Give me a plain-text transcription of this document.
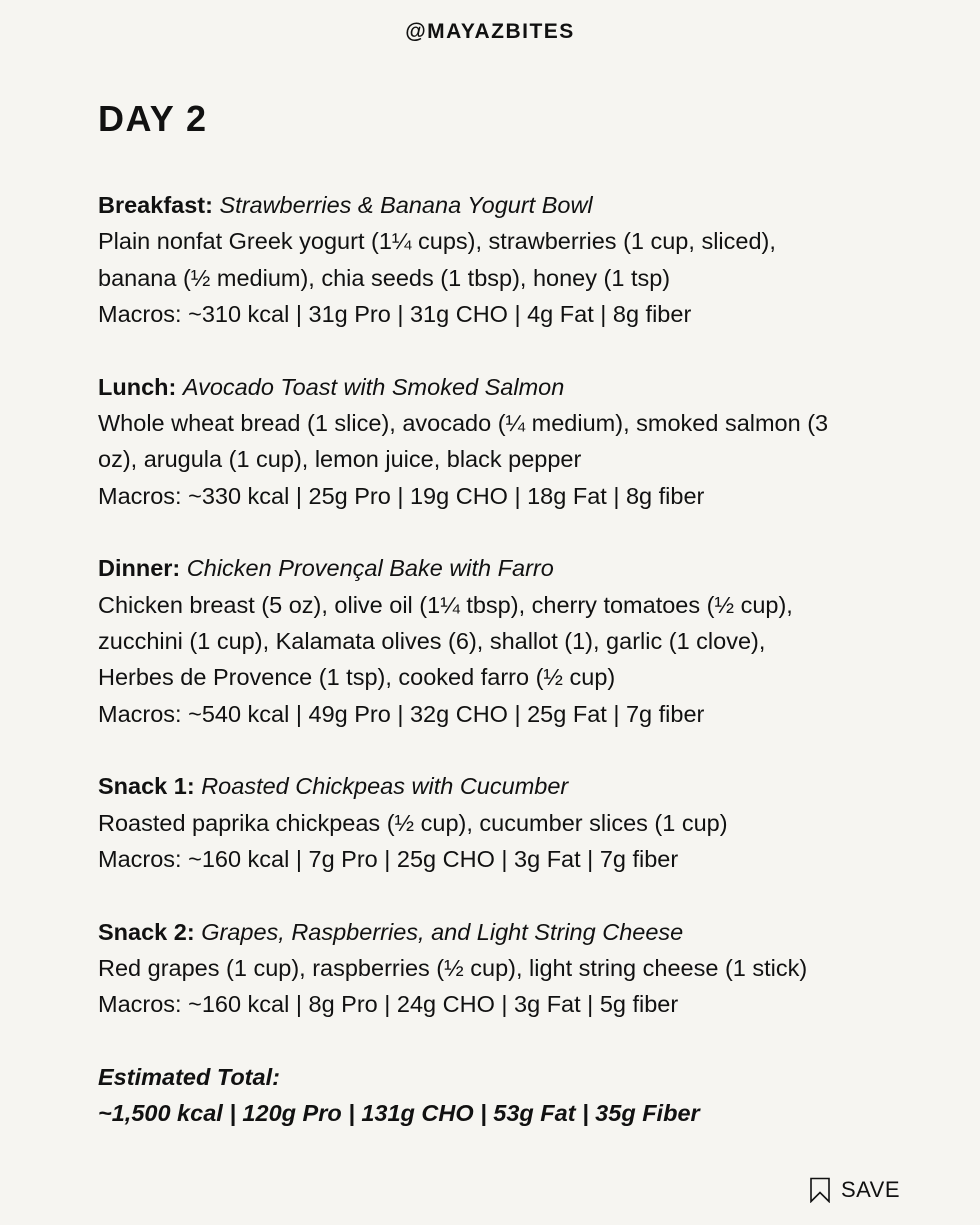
@MAYAZBITES
DAY 2
Breakfast: Strawberries & Banana Yogurt Bowl
Plain nonfat Greek yogurt (1¼ cups), strawberries (1 cup, sliced),
banana (½ medium), chia seeds (1 tbsp), honey (1 tsp)
Macros: ~310 kcal | 31g Pro | 31g CHO | 4g Fat | 8g fiber
Lunch: Avocado Toast with Smoked Salmon
Whole wheat bread (1 slice), avocado (¼ medium), smoked salmon (3
oz), arugula (1 cup), lemon juice, black pepper
Macros: ~330 kcal | 25g Pro | 19g CHO | 18g Fat | 8g fiber
Dinner: Chicken Provençal Bake with Farro
Chicken breast (5 oz), olive oil (1¼ tbsp), cherry tomatoes (½ cup),
zucchini (1 cup), Kalamata olives (6), shallot (1), garlic (1 clove),
Herbes de Provence (1 tsp), cooked farro (½ cup)
Macros: ~540 kcal | 49g Pro | 32g CHO | 25g Fat | 7g fiber
Snack 1: Roasted Chickpeas with Cucumber
Roasted paprika chickpeas (½ cup), cucumber slices (1 cup)
Macros: ~160 kcal | 7g Pro | 25g CHO | 3g Fat | 7g fiber
Snack 2: Grapes, Raspberries, and Light String Cheese
Red grapes (1 cup), raspberries (½ cup), light string cheese (1 stick)
Macros: ~160 kcal | 8g Pro | 24g CHO | 3g Fat | 5g fiber
Estimated Total:
~1,500 kcal | 120g Pro | 131g CHO | 53g Fat | 35g Fiber
SAVE
